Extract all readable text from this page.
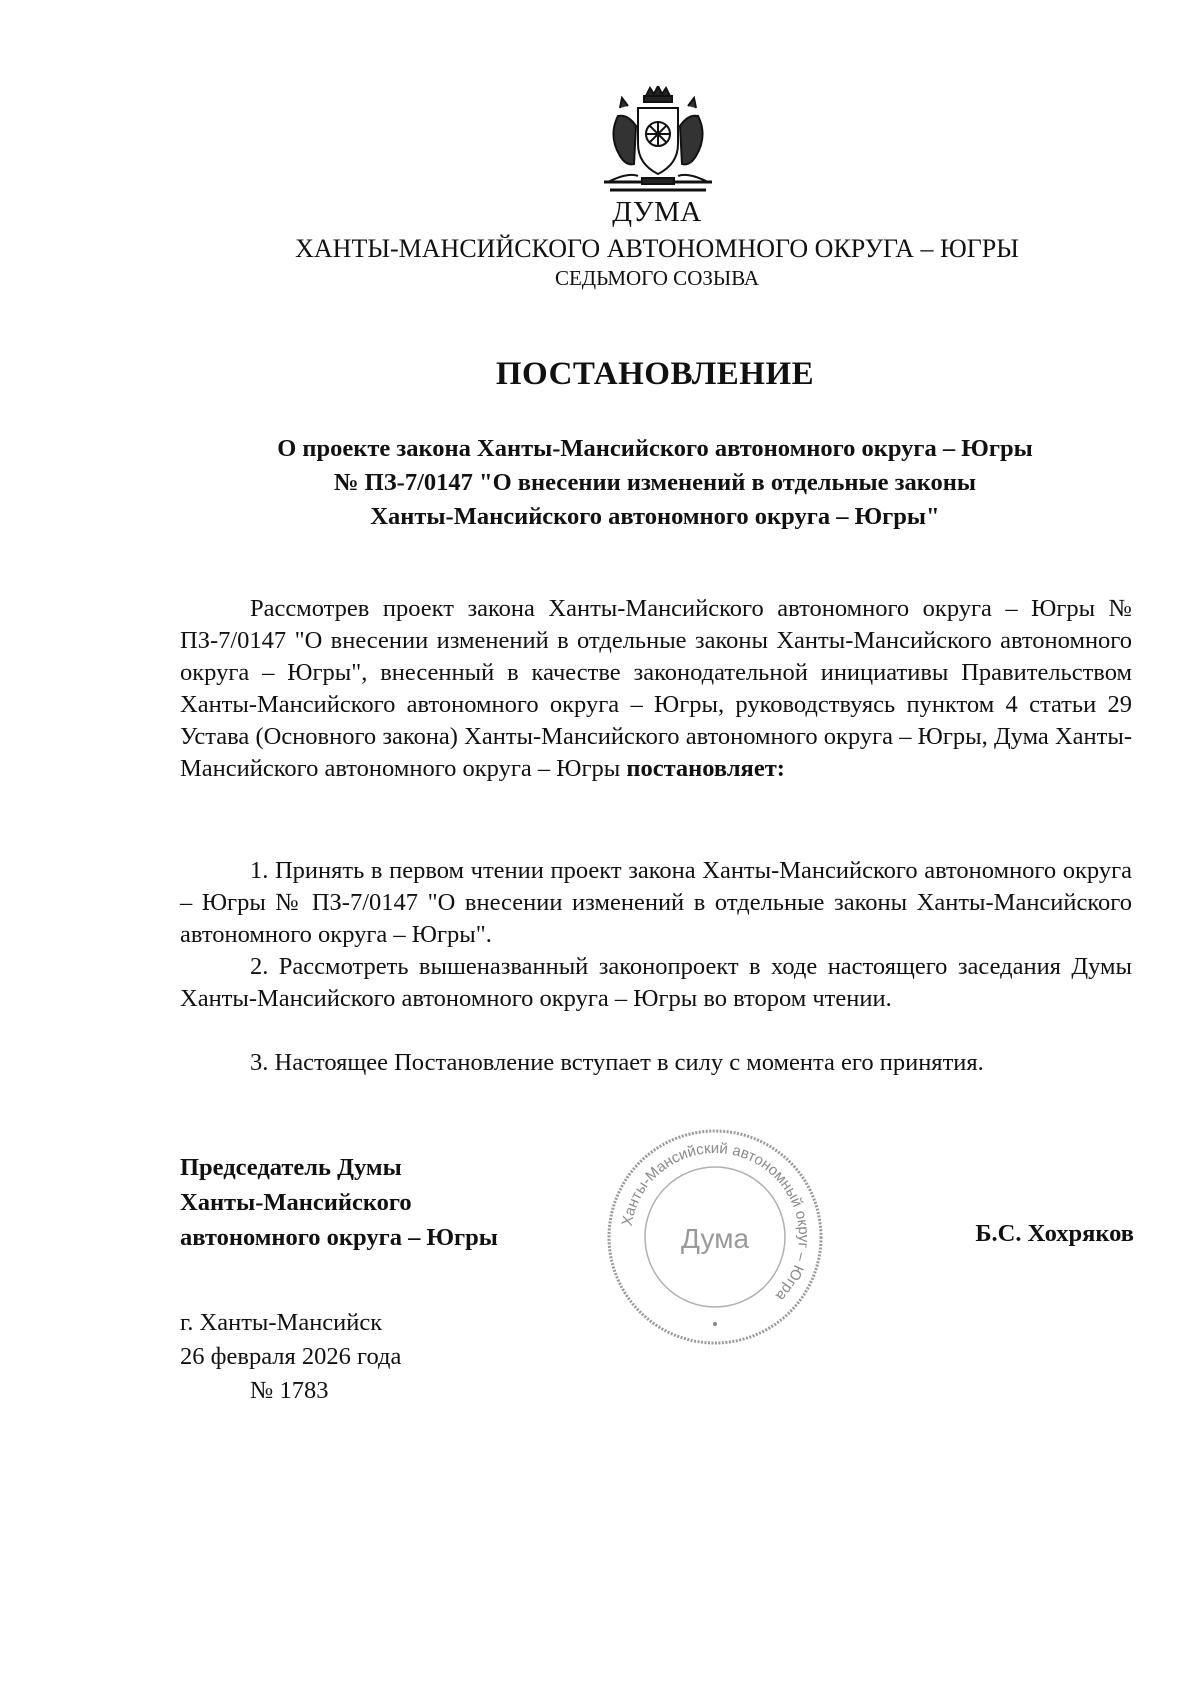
ДУМА
ХАНТЫ-МАНСИЙСКОГО АВТОНОМНОГО ОКРУГА – ЮГРЫ
СЕДЬМОГО СОЗЫВА
ПОСТАНОВЛЕНИЕ
О проекте закона Ханты-Мансийского автономного округа – Югры
№ ПЗ-7/0147 "О внесении изменений в отдельные законы
Ханты-Мансийского автономного округа – Югры"
Рассмотрев проект закона Ханты-Мансийского автономного округа – Югры № ПЗ-7/0147 "О внесении изменений в отдельные законы Ханты-Мансийского автономного округа – Югры", внесенный в качестве законодательной инициативы Правительством Ханты-Мансийского автономного округа – Югры, руководствуясь пунктом 4 статьи 29 Устава (Основного закона) Ханты-Мансийского автономного округа – Югры, Дума Ханты-Мансийского автономного округа – Югры постановляет:
1. Принять в первом чтении проект закона Ханты-Мансийского автономного округа – Югры № ПЗ-7/0147 "О внесении изменений в отдельные законы Ханты-Мансийского автономного округа – Югры".
2. Рассмотреть вышеназванный законопроект в ходе настоящего заседания Думы Ханты-Мансийского автономного округа – Югры во втором чтении.
3. Настоящее Постановление вступает в силу с момента его принятия.
Председатель Думы
Ханты-Мансийского
автономного округа – Югры
Ханты-Мансийский автономный округ – Югра
Дума	Б.С. Хохряков
г. Ханты-Мансийск
26 февраля 2026 года
№ 1783
